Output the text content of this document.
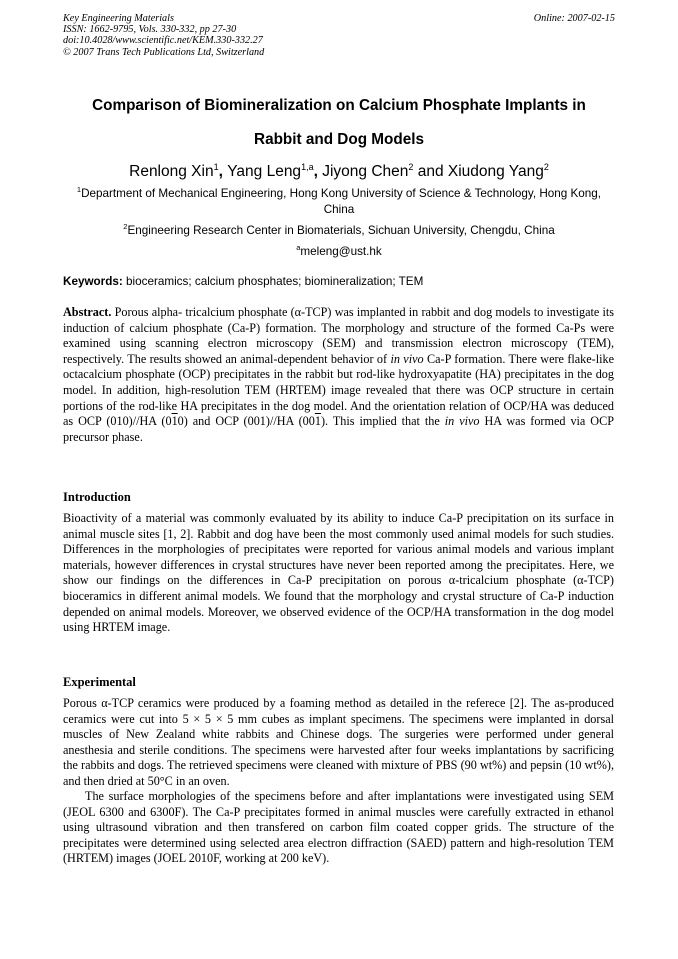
Key Engineering Materials
ISSN: 1662-9795, Vols. 330-332, pp 27-30
doi:10.4028/www.scientific.net/KEM.330-332.27
© 2007 Trans Tech Publications Ltd, Switzerland
Online: 2007-02-15
Comparison of Biomineralization on Calcium Phosphate Implants in
Rabbit and Dog Models
Renlong Xin$^1$, Yang Leng$^{1,a}$, Jiyong Chen$^2$ and Xiudong Yang$^2$
$^1$Department of Mechanical Engineering, Hong Kong University of Science & Technology, Hong Kong, China
$^2$Engineering Research Center in Biomaterials, Sichuan University, Chengdu, China
$^a$meleng@ust.hk
Keywords: bioceramics; calcium phosphates; biomineralization; TEM
Abstract. Porous alpha- tricalcium phosphate (α-TCP) was implanted in rabbit and dog models to investigate its induction of calcium phosphate (Ca-P) formation. The morphology and structure of the formed Ca-Ps were examined using scanning electron microscopy (SEM) and transmission electron microscopy (TEM), respectively. The results showed an animal-dependent behavior of in vivo Ca-P formation. There were flake-like octacalcium phosphate (OCP) precipitates in the rabbit but rod-like hydroxyapatite (HA) precipitates in the dog model. In addition, high-resolution TEM (HRTEM) image revealed that there was OCP structure in certain portions of the rod-like HA precipitates in the dog model. And the orientation relation of OCP/HA was deduced as OCP (010)//HA (010) and OCP (001)//HA (001). This implied that the in vivo HA was formed via OCP precursor phase.
Introduction
Bioactivity of a material was commonly evaluated by its ability to induce Ca-P precipitation on its surface in animal muscle sites [1, 2]. Rabbit and dog have been the most commonly used animal models for such studies. Differences in the morphologies of precipitates were reported for various animal models and various implant materials, however differences in crystal structures have never been reported among the precipitates. Here, we show our findings on the differences in Ca-P precipitation on porous α-tricalcium phosphate (α-TCP) bioceramics in different animal models. We found that the morphology and crystal structure of Ca-P induction depended on animal models. Moreover, we observed evidence of the OCP/HA transformation in the dog model using HRTEM image.
Experimental
Porous α-TCP ceramics were produced by a foaming method as detailed in the referece [2]. The as-produced ceramics were cut into 5 × 5 × 5 mm cubes as implant specimens. The specimens were implanted in dorsal muscles of New Zealand white rabbits and Chinese dogs. The surgeries were performed under general anesthesia and sterile conditions. The specimens were harvested after four weeks implantations by sacrificing the rabbits and dogs. The retrieved specimens were cleaned with mixture of PBS (90 wt%) and pepsin (10 wt%), and then dried at 50°C in an oven.
The surface morphologies of the specimens before and after implantations were investigated using SEM (JEOL 6300 and 6300F). The Ca-P precipitates formed in animal muscles were carefully extracted in ethanol using ultrasound vibration and then transfered on carbon film coated copper grids. The structure of the precipitates were determined using selected area electron diffraction (SAED) pattern and high-resolution TEM (HRTEM) images (JOEL 2010F, working at 200 keV).
